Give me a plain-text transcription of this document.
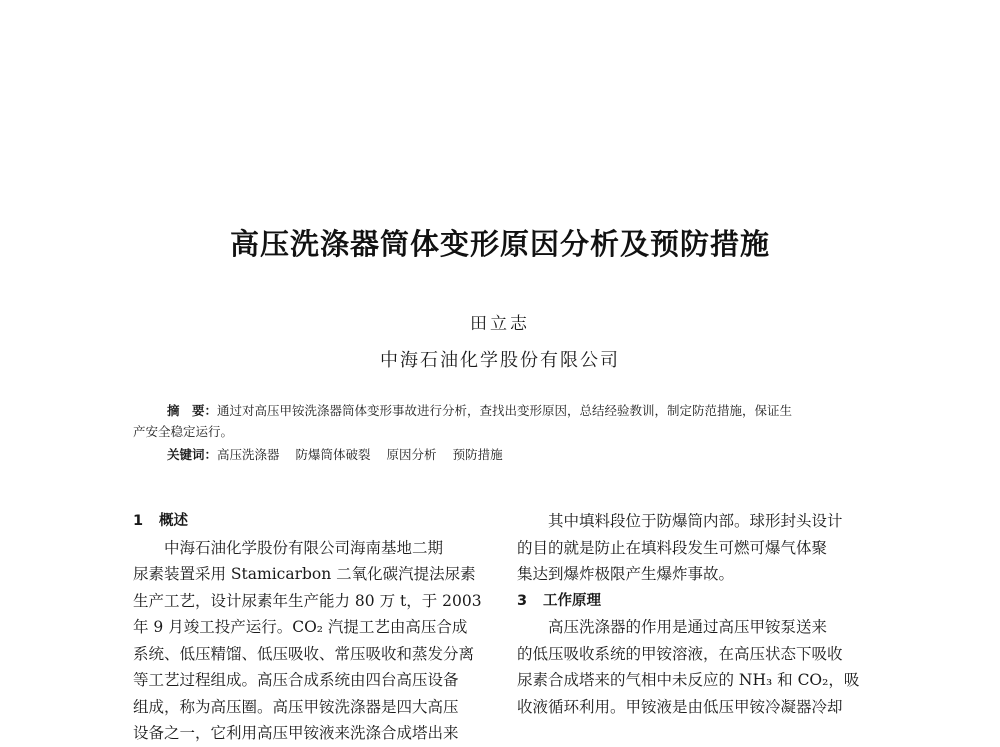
高压洗涤器筒体变形原因分析及预防措施
田立志
中海石油化学股份有限公司
摘　要：通过对高压甲铵洗涤器筒体变形事故进行分析，查找出变形原因，总结经验教训，制定防范措施，保证生
产安全稳定运行。
关键词：高压洗涤器 防爆筒体破裂 原因分析 预防措施
1 概述
中海石油化学股份有限公司海南基地二期
尿素装置采用 Stamicarbon 二氧化碳汽提法尿素
生产工艺，设计尿素年生产能力 80 万 t，于 2003
年 9 月竣工投产运行。CO₂ 汽提工艺由高压合成
系统、低压精馏、低压吸收、常压吸收和蒸发分离
等工艺过程组成。高压合成系统由四台高压设备
组成，称为高压圈。高压甲铵洗涤器是四大高压
设备之一，它利用高压甲铵液来洗涤合成塔出来
其中填料段位于防爆筒内部。球形封头设计
的目的就是防止在填料段发生可燃可爆气体聚
集达到爆炸极限产生爆炸事故。
3 工作原理
高压洗涤器的作用是通过高压甲铵泵送来
的低压吸收系统的甲铵溶液，在高压状态下吸收
尿素合成塔来的气相中未反应的 NH₃ 和 CO₂，吸
收液循环利用。甲铵液是由低压甲铵冷凝器冷却
